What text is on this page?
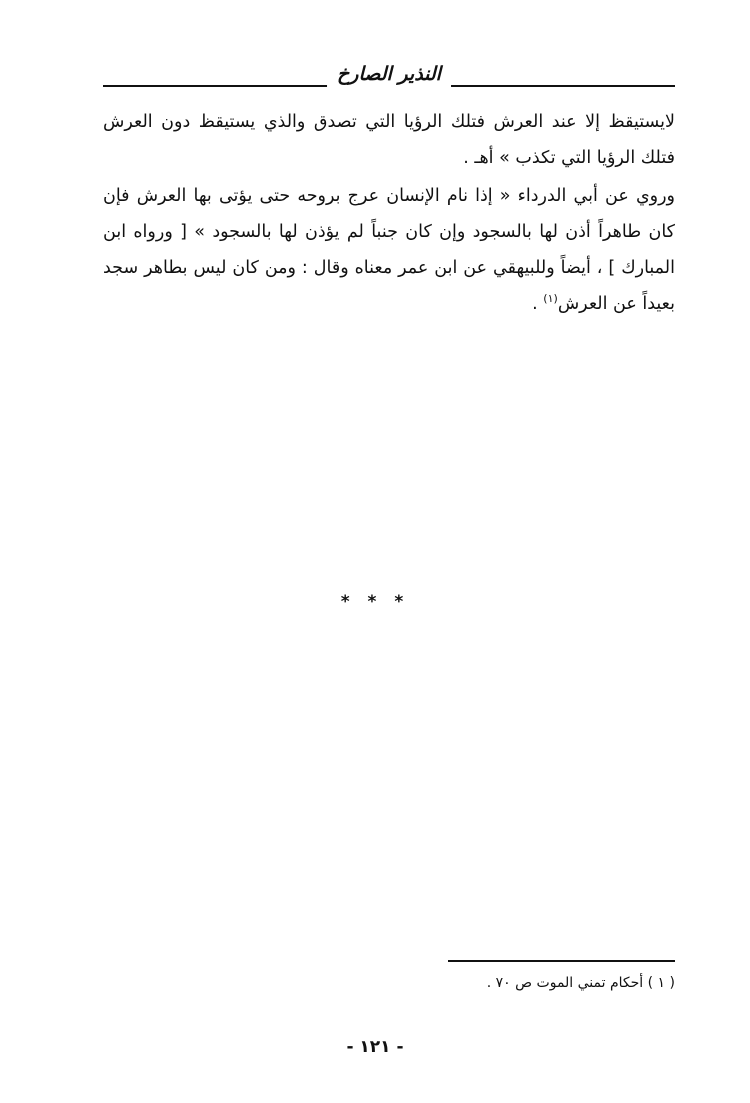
النذير الصارخ

لايستيقظ إلا عند العرش فتلك الرؤيا التي تصدق والذي يستيقظ دون العرش فتلك الرؤيا التي تكذب » أهـ .

وروي عن أبي الدرداء « إذا نام الإنسان عرج بروحه حتى يؤتى بها العرش فإن كان طاهراً أذن لها بالسجود وإن كان جنباً لم يؤذن لها بالسجود » [ ورواه ابن المبارك ] ، أيضاً وللبيهقي عن ابن عمر معناه وقال : ومن كان ليس بطاهر سجد بعيداً عن العرش$^{(١)}$ .

* * *
( ١ ) أحكام تمني الموت ص ٧٠ .
- ١٢١ -
